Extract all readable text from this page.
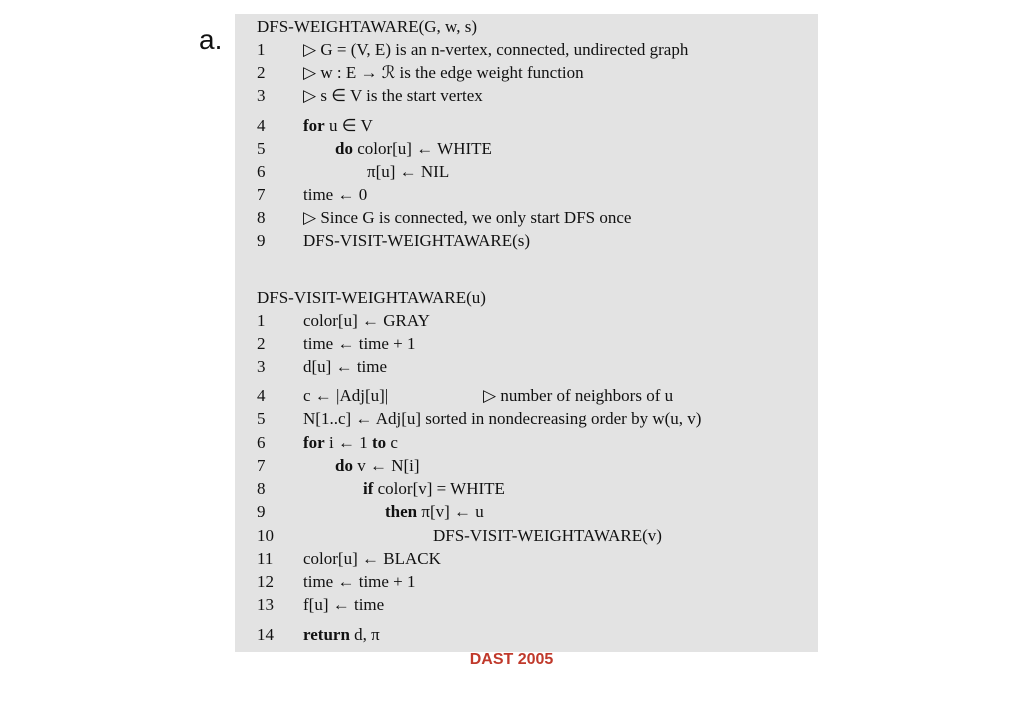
a. DFS-WEIGHTAWARE(G, w, s)
1	▷ G = (V, E) is an n-vertex, connected, undirected graph
2	▷ w : E → ℛ is the edge weight function
3	▷ s ∈ V is the start vertex
4	for u ∈ V
5	do color[u] ← WHITE
6	π[u] ← NIL
7	time ← 0
8	▷ Since G is connected, we only start DFS once
9	DFS-VISIT-WEIGHTAWARE(s)
DFS-VISIT-WEIGHTAWARE(u)
1	color[u] ← GRAY
2	time ← time + 1
3	d[u] ← time
4	c ← |Adj[u]|	▷ number of neighbors of u
5	N[1..c] ← Adj[u] sorted in nondecreasing order by w(u, v)
6	for i ← 1 to c
7	do v ← N[i]
8	if color[v] = WHITE
9	then π[v] ← u
10	DFS-VISIT-WEIGHTAWARE(v)
11	color[u] ← BLACK
12	time ← time + 1
13	f[u] ← time
14	return d, π
DAST 2005
